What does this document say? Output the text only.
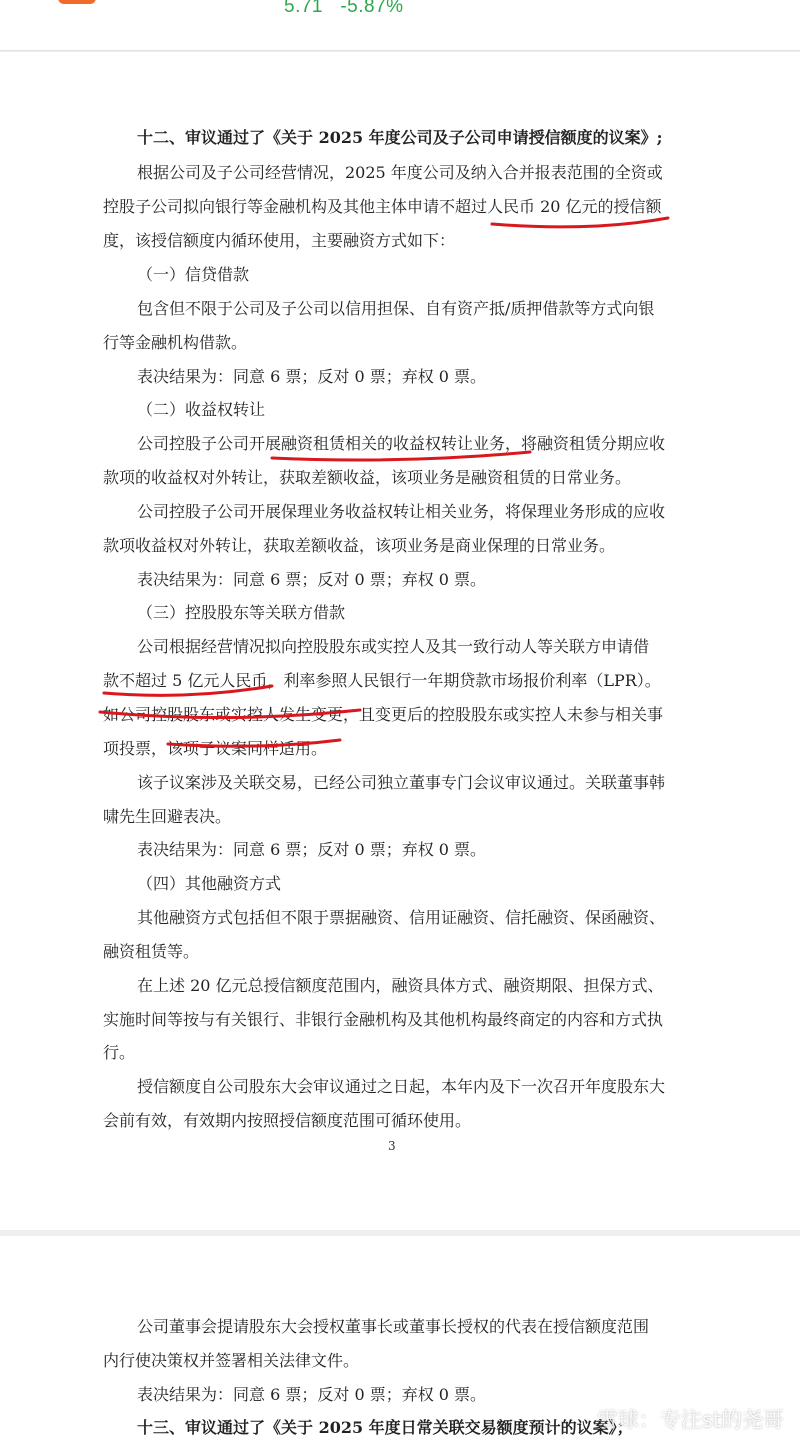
5.71 -5.87%

十二、审议通过了《关于 2025 年度公司及子公司申请授信额度的议案》;

根据公司及子公司经营情况，2025 年度公司及纳入合并报表范围的全资或

控股子公司拟向银行等金融机构及其他主体申请不超过人民币 20 亿元的授信额

度，该授信额度内循环使用，主要融资方式如下：

（一）信贷借款

包含但不限于公司及子公司以信用担保、自有资产抵/质押借款等方式向银

行等金融机构借款。

表决结果为：同意 6 票；反对 0 票；弃权 0 票。

（二）收益权转让

公司控股子公司开展融资租赁相关的收益权转让业务，将融资租赁分期应收

款项的收益权对外转让，获取差额收益，该项业务是融资租赁的日常业务。

公司控股子公司开展保理业务收益权转让相关业务，将保理业务形成的应收

款项收益权对外转让，获取差额收益，该项业务是商业保理的日常业务。

表决结果为：同意 6 票；反对 0 票；弃权 0 票。

（三）控股股东等关联方借款

公司根据经营情况拟向控股股东或实控人及其一致行动人等关联方申请借

款不超过 5 亿元人民币，利率参照人民银行一年期贷款市场报价利率（LPR）。

如公司控股股东或实控人发生变更，且变更后的控股股东或实控人未参与相关事

项投票，该项子议案同样适用。

该子议案涉及关联交易，已经公司独立董事专门会议审议通过。关联董事韩

啸先生回避表决。

表决结果为：同意 6 票；反对 0 票；弃权 0 票。

（四）其他融资方式

其他融资方式包括但不限于票据融资、信用证融资、信托融资、保函融资、

融资租赁等。

在上述 20 亿元总授信额度范围内，融资具体方式、融资期限、担保方式、

实施时间等按与有关银行、非银行金融机构及其他机构最终商定的内容和方式执

行。

授信额度自公司股东大会审议通过之日起，本年内及下一次召开年度股东大

会前有效，有效期内按照授信额度范围可循环使用。

3

公司董事会提请股东大会授权董事长或董事长授权的代表在授信额度范围

内行使决策权并签署相关法律文件。

表决结果为：同意 6 票；反对 0 票；弃权 0 票。

十三、审议通过了《关于 2025 年度日常关联交易额度预计的议案》；

雪球：专注st的尧哥
